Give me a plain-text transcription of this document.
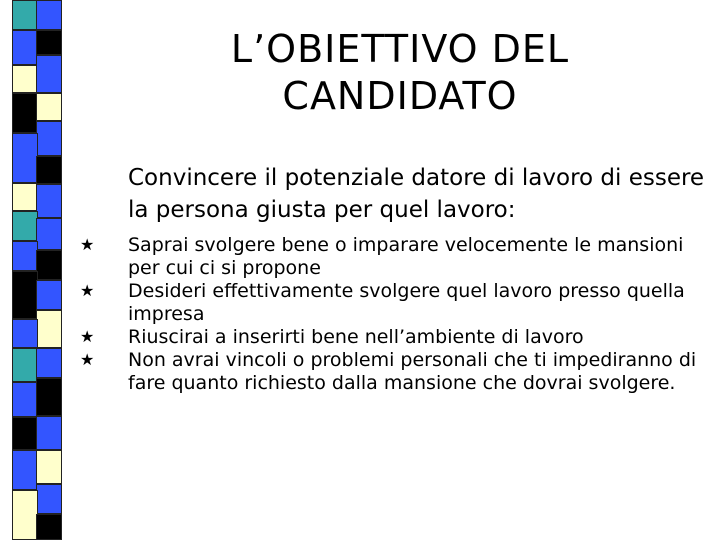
L’OBIETTIVO DEL
CANDIDATO
Convincere il potenziale datore di lavoro di essere la persona giusta per quel lavoro:
★ Saprai svolgere bene o imparare velocemente le mansioni per cui ci si propone
★ Desideri effettivamente svolgere quel lavoro presso quella impresa
★ Riuscirai a inserirti bene nell’ambiente di lavoro
★ Non avrai vincoli o problemi personali che ti impediranno di fare quanto richiesto dalla mansione che dovrai svolgere.
